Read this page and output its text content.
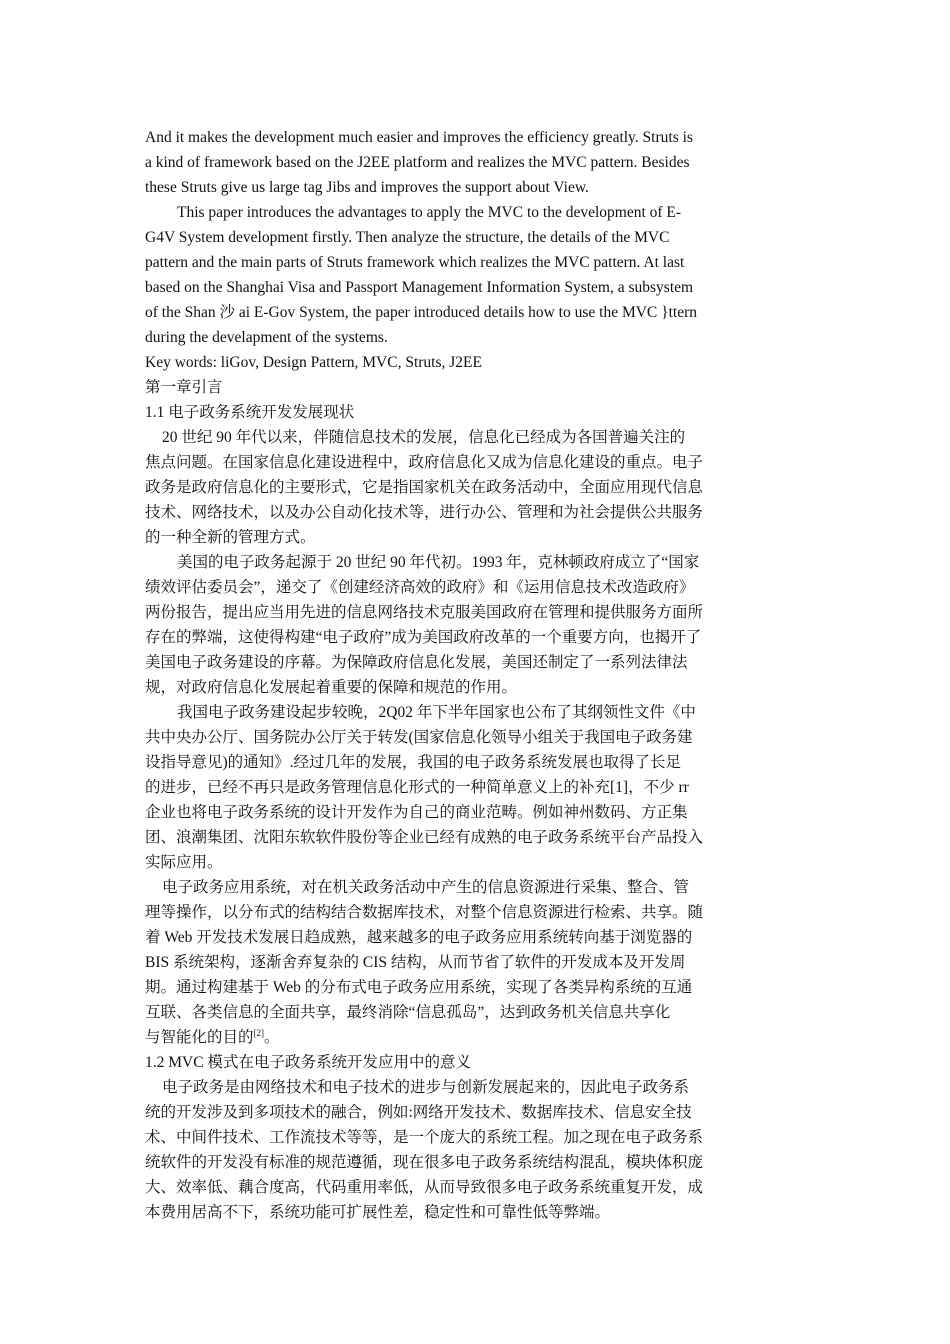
And it makes the development much easier and improves the efficiency greatly. Struts is
a kind of framework based on the J2EE platform and realizes the MVC pattern. Besides
these Struts give us large tag Jibs and improves the support about View.
This paper introduces the advantages to apply the MVC to the development of E-
G4V System development firstly. Then analyze the structure, the details of the MVC
pattern and the main parts of Struts framework which realizes the MVC pattern. At last
based on the Shanghai Visa and Passport Management Information System, a subsystem
of the Shan 沙 ai E-Gov System, the paper introduced details how to use the MVC }ttern
during the develapment of the systems.
Key words: liGov, Design Pattern, MVC, Struts, J2EE
第一章引言
1.1 电子政务系统开发发展现状
20 世纪 90 年代以来，伴随信息技术的发展，信息化已经成为各国普遍关注的
焦点问题。在国家信息化建设进程中，政府信息化又成为信息化建设的重点。电子
政务是政府信息化的主要形式，它是指国家机关在政务活动中，全面应用现代信息
技术、网络技术，以及办公自动化技术等，进行办公、管理和为社会提供公共服务
的一种全新的管理方式。
美国的电子政务起源于 20 世纪 90 年代初。1993 年，克林顿政府成立了“国家
绩效评估委员会”，递交了《创建经济高效的政府》和《运用信息技术改造政府》
两份报告，提出应当用先进的信息网络技术克服美国政府在管理和提供服务方面所
存在的弊端，这使得构建“电子政府”成为美国政府改革的一个重要方向，也揭开了
美国电子政务建设的序幕。为保障政府信息化发展，美国还制定了一系列法律法
规，对政府信息化发展起着重要的保障和规范的作用。
我国电子政务建设起步较晚，2Q02 年下半年国家也公布了其纲领性文件《中
共中央办公厅、国务院办公厅关于转发(国家信息化领导小组关于我国电子政务建
设指导意见)的通知》.经过几年的发展，我国的电子政务系统发展也取得了长足
的进步，已经不再只是政务管理信息化形式的一种简单意义上的补充[1]，不少 rr
企业也将电子政务系统的设计开发作为自己的商业范畴。例如神州数码、方正集
团、浪潮集团、沈阳东软软件股份等企业已经有成熟的电子政务系统平台产品投入
实际应用。
电子政务应用系统，对在机关政务活动中产生的信息资源进行采集、整合、管
理等操作，以分布式的结构结合数据库技术，对整个信息资源进行检索、共享。随
着 Web 开发技术发展日趋成熟，越来越多的电子政务应用系统转向基于浏览器的
BIS 系统架构，逐渐舍弃复杂的 CIS 结构，从而节省了软件的开发成本及开发周
期。通过构建基于 Web 的分布式电子政务应用系统，实现了各类异构系统的互通
互联、各类信息的全面共享，最终消除“信息孤岛”，达到政务机关信息共享化
与智能化的目的[2]。
1.2 MVC 模式在电子政务系统开发应用中的意义
电子政务是由网络技术和电子技术的进步与创新发展起来的，因此电子政务系
统的开发涉及到多项技术的融合，例如:网络开发技术、数据库技术、信息安全技
术、中间件技术、工作流技术等等，是一个庞大的系统工程。加之现在电子政务系
统软件的开发没有标准的规范遵循，现在很多电子政务系统结构混乱，模块体积庞
大、效率低、藕合度高，代码重用率低，从而导致很多电子政务系统重复开发，成
本费用居高不下，系统功能可扩展性差，稳定性和可靠性低等弊端。
